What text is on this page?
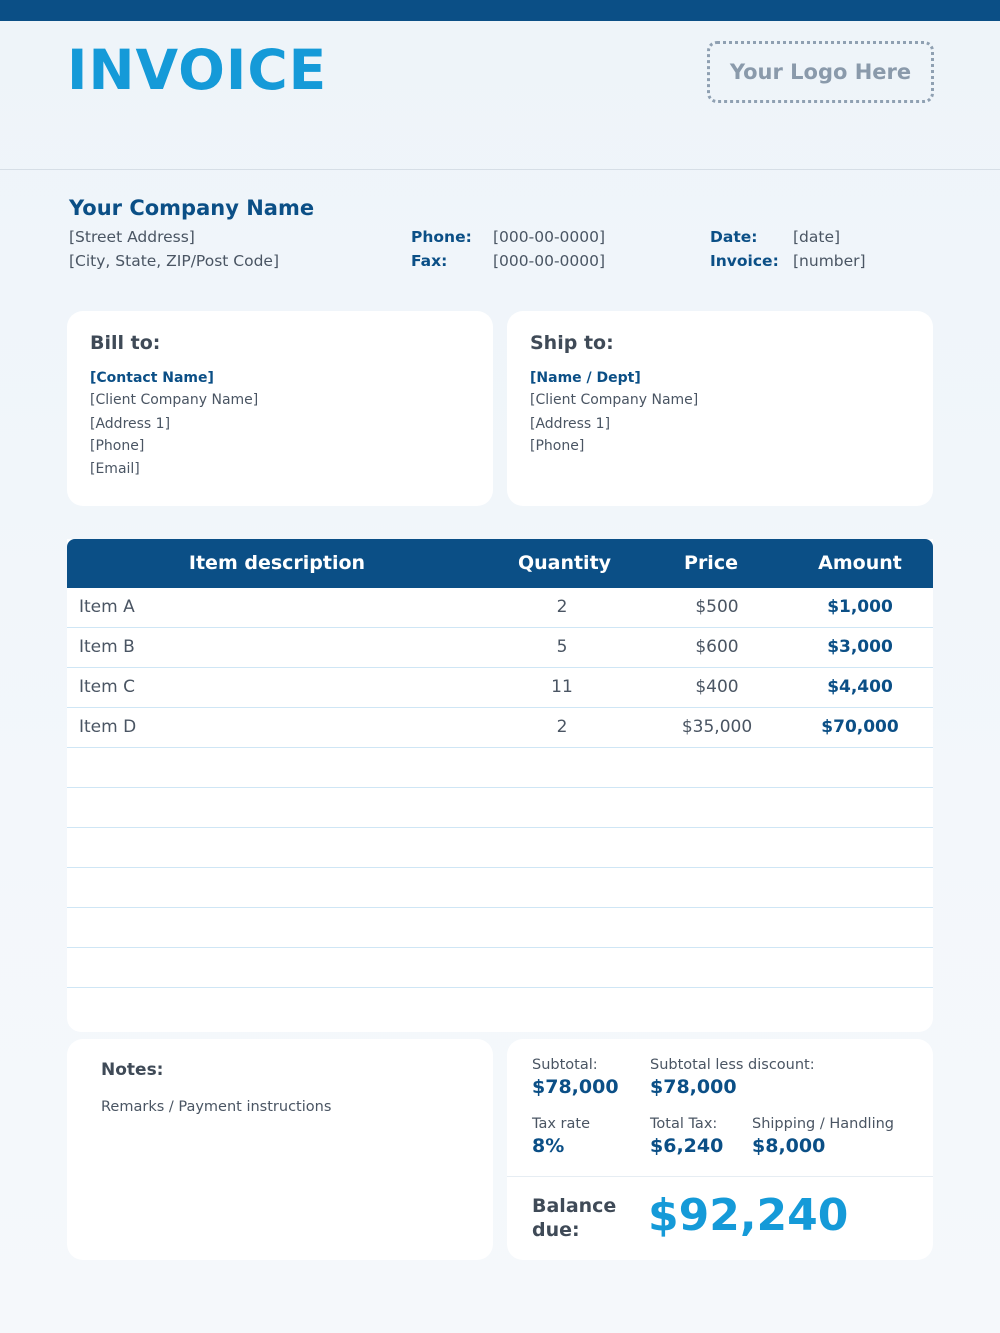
INVOICE	Your Logo Here
Your Company Name
[Street Address]
[City, State, ZIP/Post Code]
Phone: [000-00-0000]
Fax:	[000-00-0000]
Date: [date]
Invoice: [number]
Bill to:
[Contact Name]
[Client Company Name]
[Address 1]
[Phone]
[Email]
Ship to:
[Name / Dept]
[Client Company Name]
[Address 1]
[Phone]
Item description	Quantity	Price	Amount
Item A	2	$500	$1,000
Item B	5	$600	$3,000
Item C	11	$400	$4,400
Item D	2	$35,000	$70,000
Notes:
Remarks / Payment instructions
Subtotal:
$78,000
Subtotal less discount:
$78,000
Tax rate
8%
Total Tax:
$6,240
Shipping / Handling
$8,000
Balance
due:	$92,240
